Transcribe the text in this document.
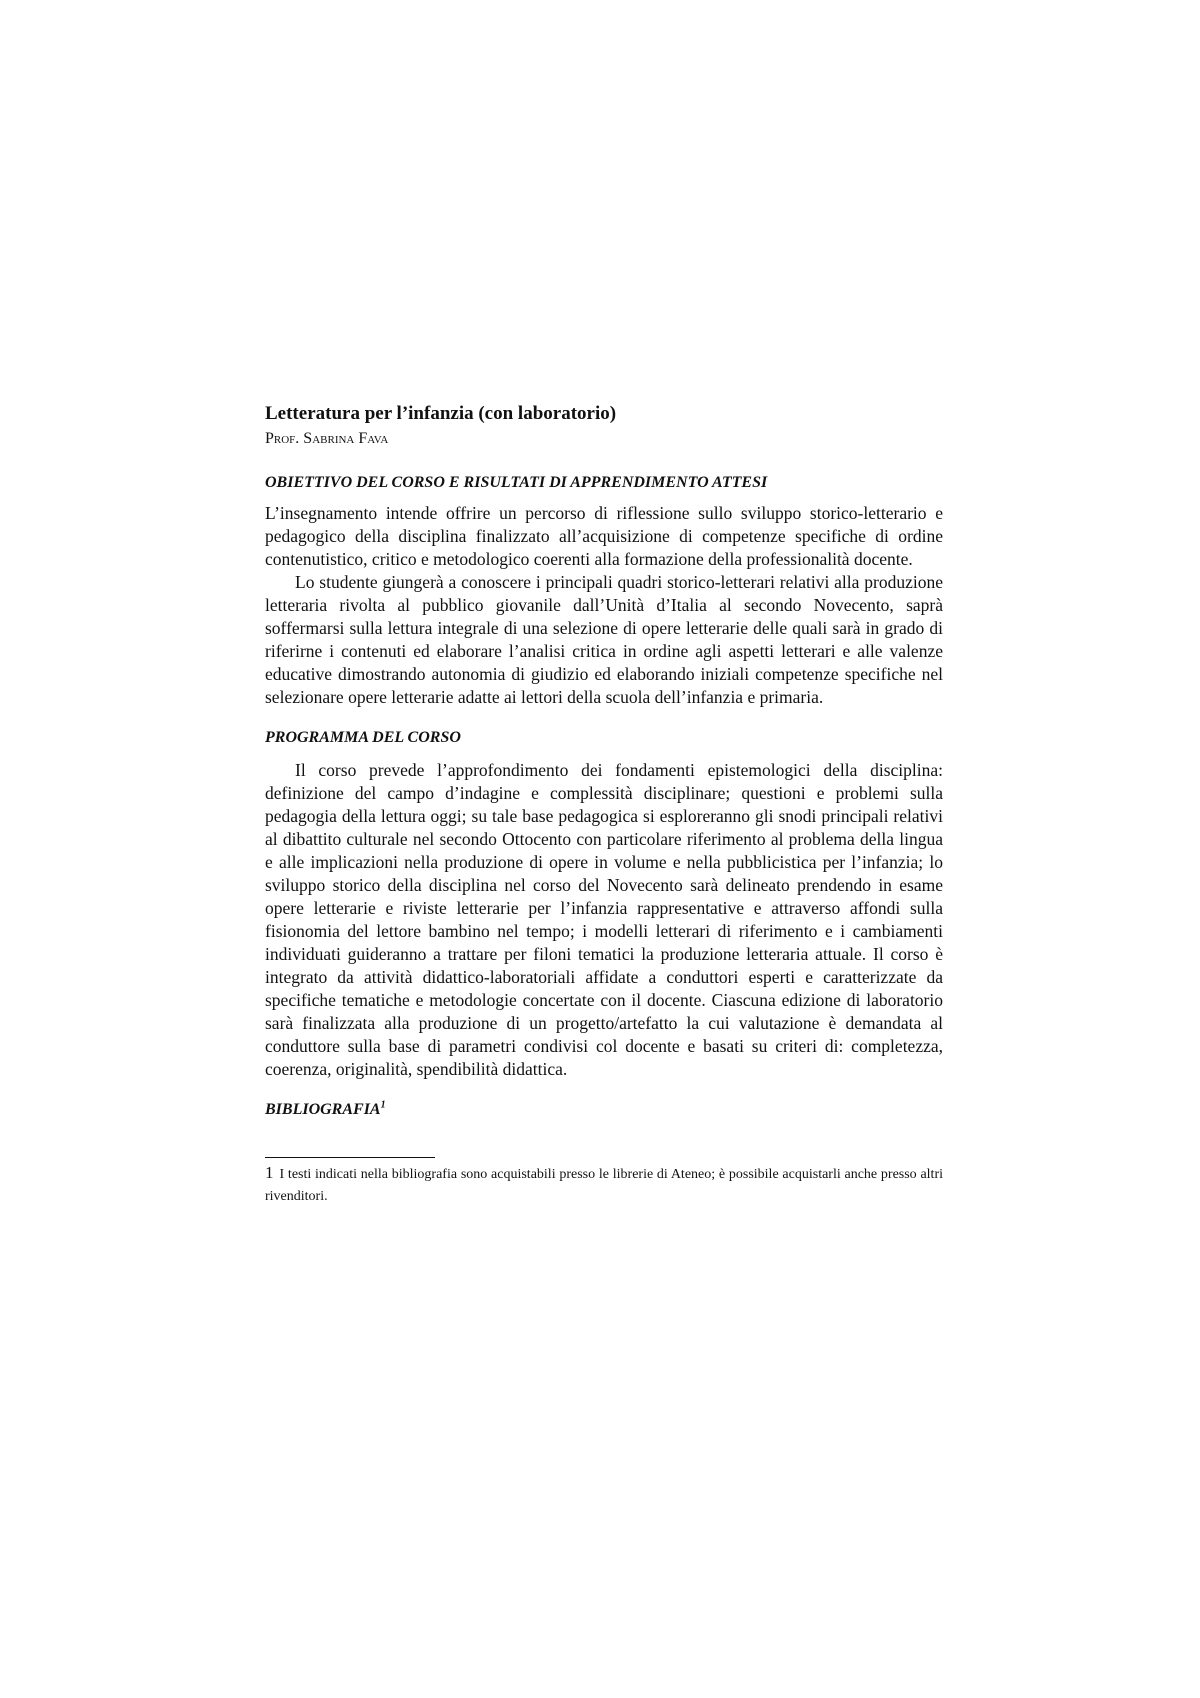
Letteratura per l’infanzia (con laboratorio)

Prof. Sabrina Fava

OBIETTIVO DEL CORSO E RISULTATI DI APPRENDIMENTO ATTESI

L’insegnamento intende offrire un percorso di riflessione sullo sviluppo storico-letterario e pedagogico della disciplina finalizzato all’acquisizione di competenze specifiche di ordine contenutistico, critico e metodologico coerenti alla formazione della professionalità docente.

Lo studente giungerà a conoscere i principali quadri storico-letterari relativi alla produzione letteraria rivolta al pubblico giovanile dall’Unità d’Italia al secondo Novecento, saprà soffermarsi sulla lettura integrale di una selezione di opere letterarie delle quali sarà in grado di riferirne i contenuti ed elaborare l’analisi critica in ordine agli aspetti letterari e alle valenze educative dimostrando autonomia di giudizio ed elaborando iniziali competenze specifiche nel selezionare opere letterarie adatte ai lettori della scuola dell’infanzia e primaria.

PROGRAMMA DEL CORSO

Il corso prevede l’approfondimento dei fondamenti epistemologici della disciplina: definizione del campo d’indagine e complessità disciplinare; questioni e problemi sulla pedagogia della lettura oggi; su tale base pedagogica si esploreranno gli snodi principali relativi al dibattito culturale nel secondo Ottocento con particolare riferimento al problema della lingua e alle implicazioni nella produzione di opere in volume e nella pubblicistica per l’infanzia; lo sviluppo storico della disciplina nel corso del Novecento sarà delineato prendendo in esame opere letterarie e riviste letterarie per l’infanzia rappresentative e attraverso affondi sulla fisionomia del lettore bambino nel tempo; i modelli letterari di riferimento e i cambiamenti individuati guideranno a trattare per filoni tematici la produzione letteraria attuale. Il corso è integrato da attività didattico-laboratoriali affidate a conduttori esperti e caratterizzate da specifiche tematiche e metodologie concertate con il docente. Ciascuna edizione di laboratorio sarà finalizzata alla produzione di un progetto/artefatto la cui valutazione è demandata al conduttore sulla base di parametri condivisi col docente e basati su criteri di: completezza, coerenza, originalità, spendibilità didattica.

BIBLIOGRAFIA$^1$

1 I testi indicati nella bibliografia sono acquistabili presso le librerie di Ateneo; è possibile acquistarli anche presso altri rivenditori.
